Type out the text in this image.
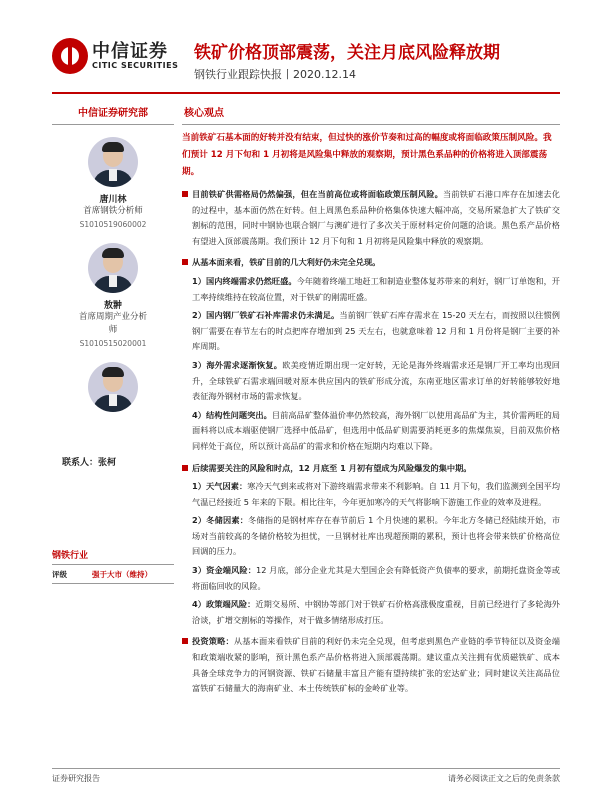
中信证券
CITIC SECURITIES
铁矿价格顶部震荡，关注月底风险释放期
钢铁行业跟踪快报丨2020.12.14
中信证券研究部
唐川林
首席钢铁分析师
S1010519060002
敖翀
首席周期产业分析师
S1010515020001
联系人：张柯
钢铁行业
评级	强于大市（维持）
核心观点
当前铁矿石基本面的好转并没有结束，但过快的涨价节奏和过高的幅度或将面临政策压制风险。我们预计 12 月下旬和 1 月初将是风险集中释放的观察期，预计黑色系品种的价格将进入顶部震荡期。
目前铁矿供需格局仍然偏强，但在当前高位或将面临政策压制风险。当前铁矿石港口库存在加速去化的过程中，基本面仍然在好转。但上周黑色系品种价格集体快速大幅冲高，交易所紧急扩大了铁矿交割标的范围，同时中钢协也联合钢厂与澳矿进行了多次关于原材料定价问题的洽谈。黑色系产品价格有望进入顶部震荡期。我们预计 12 月下旬和 1 月初将是风险集中释放的观察期。
从基本面来看，铁矿目前的几大利好仍未完全兑现。
1）国内终端需求仍然旺盛。今年随着终端工地赶工和制造业整体复苏带来的利好，钢厂订单饱和，开工率持续维持在较高位置，对于铁矿的刚需旺盛。
2）国内钢厂铁矿石补库需求仍未满足。当前钢厂铁矿石库存需求在 15-20 天左右，而按照以往惯例钢厂需要在春节左右的时点把库存增加到 25 天左右，也就意味着 12 月和 1 月份将是钢厂主要的补库周期。
3）海外需求逐渐恢复。欧美疫情近期出现一定好转，无论是海外终端需求还是钢厂开工率均出现回升，全球铁矿石需求端回暖对原本供应国内的铁矿形成分流，东南亚地区需求订单的好转能够较好地表征海外钢材市场的需求恢复。
4）结构性问题突出。目前高品矿整体溢价率仍然较高，海外钢厂以使用高品矿为主，其价需两旺的局面料将以成本端驱使钢厂选择中低品矿，但选用中低品矿则需要消耗更多的焦煤焦炭，目前双焦价格同样处于高位，所以预计高品矿的需求和价格在短期内均难以下降。
后续需要关注的风险和时点，12 月底至 1 月初有望成为风险爆发的集中期。
1）天气因素：寒冷天气到来或将对下游终端需求带来不利影响。自 11 月下旬，我们监测到全国平均气温已经接近 5 年来的下限。相比往年，今年更加寒冷的天气将影响下游施工作业的效率及进程。
2）冬储因素：冬储指的是钢材库存在春节前后 1 个月快速的累积。今年北方冬储已经陆续开始，市场对当前较高的冬储价格较为担忧，一旦钢材社库出现超预期的累积，预计也将会带来铁矿价格高位回调的压力。
3）资金端风险：12 月底，部分企业尤其是大型国企会有降低资产负债率的要求，前期托盘资金等或将面临回收的风险。
4）政策端风险：近期交易所、中钢协等部门对于铁矿石价格高涨极度重视，目前已经进行了多轮海外洽谈，扩增交割标的等操作，对于做多情绪形成打压。
投资策略：从基本面来看铁矿目前的利好仍未完全兑现，但考虑到黑色产业链的季节特征以及资金端和政策端收紧的影响，预计黑色系产品价格将进入顶部震荡期。建议重点关注拥有优质磁铁矿、成本具备全球竞争力的河钢资源、铁矿石储量丰富且产能有望持续扩张的宏达矿业；同时建议关注高品位富铁矿石储量大的海南矿业、本土传统铁矿标的金岭矿业等。
证券研究报告	请务必阅读正文之后的免责条款
